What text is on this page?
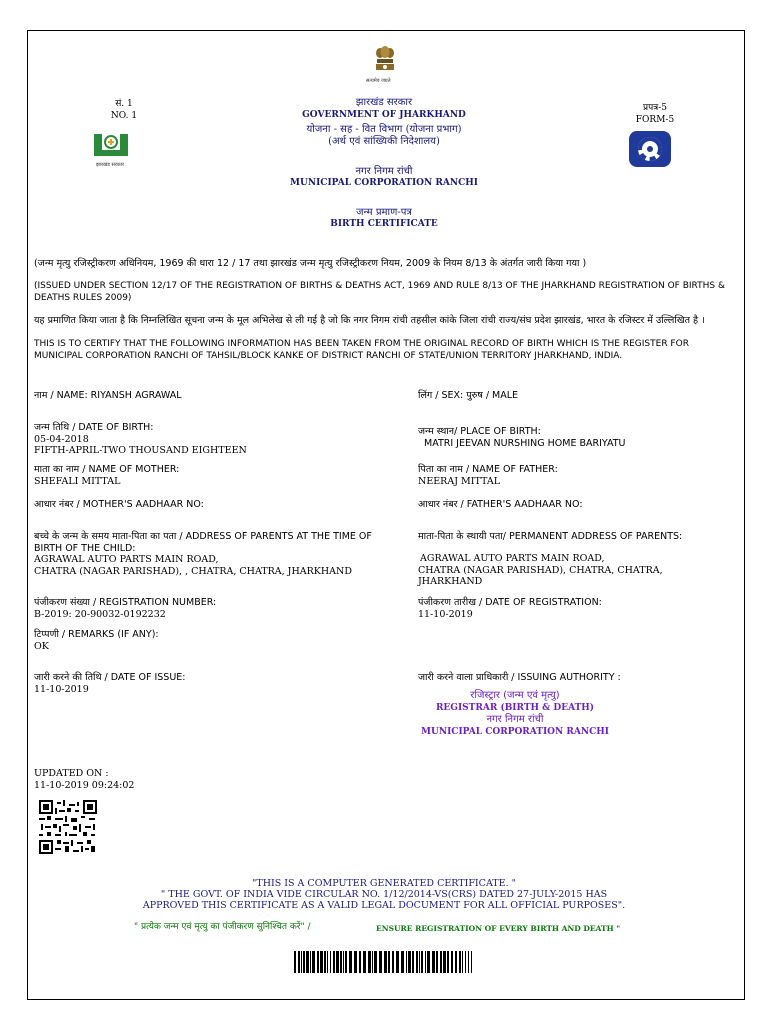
सत्यमेव जयते
सं. 1
NO. 1
झारखंड सरकार
झारखंड सरकार
GOVERNMENT OF JHARKHAND
योजना - सह - वित विभाग (योजना प्रभाग)
(अर्थ एवं सांख्यिकी निदेशालय)
नगर निगम रांची
MUNICIPAL CORPORATION RANCHI
जन्म प्रमाण-पत्र
BIRTH CERTIFICATE
प्रपत्र-5
FORM-5
(जन्म मृत्यु रजिस्ट्रीकरण अधिनियम, 1969 की धारा 12 / 17 तथा झारखंड जन्म मृत्यु रजिस्ट्रीकरण नियम, 2009 के नियम 8/13 के अंतर्गत जारी किया गया )
(ISSUED UNDER SECTION 12/17 OF THE REGISTRATION OF BIRTHS & DEATHS ACT, 1969 AND RULE 8/13 OF THE JHARKHAND REGISTRATION OF BIRTHS & DEATHS RULES 2009)
यह प्रमाणित किया जाता है कि निम्नलिखित सूचना जन्म के मूल अभिलेख से ली गई है जो कि नगर निगम रांची तहसील कांके जिला रांची राज्य/संघ प्रदेश झारखंड, भारत के रजिस्टर में उल्लिखित है ।
THIS IS TO CERTIFY THAT THE FOLLOWING INFORMATION HAS BEEN TAKEN FROM THE ORIGINAL RECORD OF BIRTH WHICH IS THE REGISTER FOR MUNICIPAL CORPORATION RANCHI OF TAHSIL/BLOCK KANKE OF DISTRICT RANCHI OF STATE/UNION TERRITORY JHARKHAND, INDIA.
नाम / NAME: RIYANSH AGRAWAL
जन्म तिथि / DATE OF BIRTH:
05-04-2018
FIFTH-APRIL-TWO THOUSAND EIGHTEEN
माता का नाम / NAME OF MOTHER:
SHEFALI MITTAL
आधार नंबर / MOTHER'S AADHAAR NO:
बच्चे के जन्म के समय माता-पिता का पता / ADDRESS OF PARENTS AT THE TIME OF BIRTH OF THE CHILD:
AGRAWAL AUTO PARTS MAIN ROAD,
CHATRA (NAGAR PARISHAD), , CHATRA, CHATRA, JHARKHAND
पंजीकरण संख्या / REGISTRATION NUMBER:
B-2019: 20-90032-0192232
टिप्पणी / REMARKS (IF ANY):
OK
जारी करने की तिथि / DATE OF ISSUE:
11-10-2019
लिंग / SEX: पुरुष / MALE
जन्म स्थान/ PLACE OF BIRTH:
MATRI JEEVAN NURSHING HOME BARIYATU
पिता का नाम / NAME OF FATHER:
NEERAJ MITTAL
आधार नंबर / FATHER'S AADHAAR NO:
माता-पिता के स्थायी पता/ PERMANENT ADDRESS OF PARENTS:
AGRAWAL AUTO PARTS MAIN ROAD,
CHATRA (NAGAR PARISHAD), CHATRA, CHATRA,
JHARKHAND
पंजीकरण तारीख / DATE OF REGISTRATION:
11-10-2019
जारी करने वाला प्राधिकारी / ISSUING AUTHORITY :
रजिस्ट्रार (जन्म एवं मृत्यु)
REGISTRAR (BIRTH & DEATH)
नगर निगम रांची
MUNICIPAL CORPORATION RANCHI
UPDATED ON :
11-10-2019 09:24:02
"THIS IS A COMPUTER GENERATED CERTIFICATE. "
" THE GOVT. OF INDIA VIDE CIRCULAR NO. 1/12/2014-VS(CRS) DATED 27-JULY-2015 HAS
APPROVED THIS CERTIFICATE AS A VALID LEGAL DOCUMENT FOR ALL OFFICIAL PURPOSES".
" प्रत्येक जन्म एवं मृत्यु का पंजीकरण सुनिश्चित करें" /	ENSURE REGISTRATION OF EVERY BIRTH AND DEATH "
